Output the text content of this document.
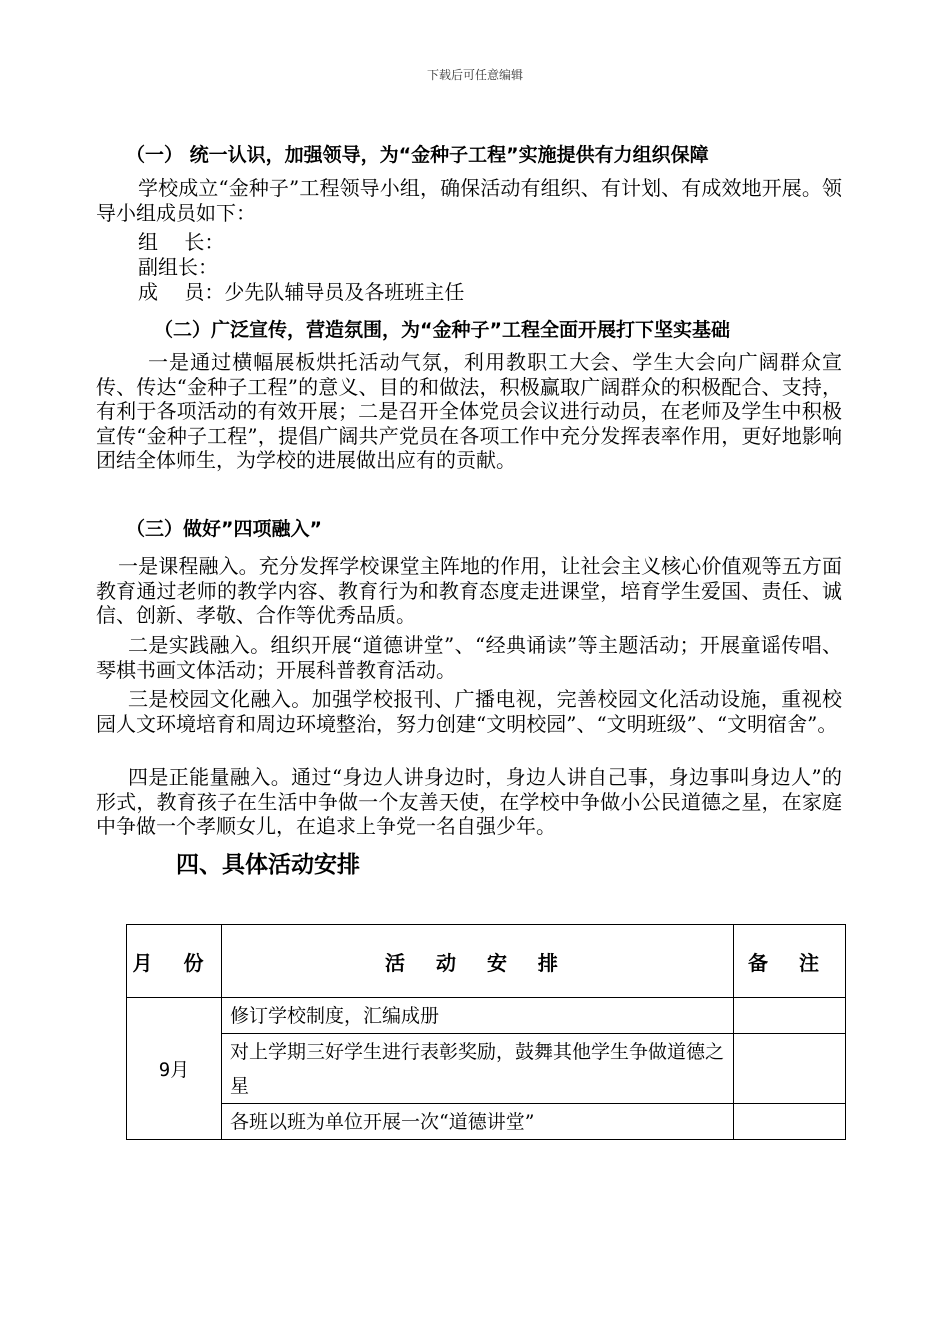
下载后可任意编辑
（一） 统一认识，加强领导，为“金种子工程”实施提供有力组织保障
学校成立“金种子”工程领导小组，确保活动有组织、有计划、有成效地开展。领导小组成员如下：
组　 长：
副组长：
成　 员：少先队辅导员及各班班主任
（二）广泛宣传，营造氛围，为“金种子”工程全面开展打下坚实基础
一是通过横幅展板烘托活动气氛，利用教职工大会、学生大会向广阔群众宣传、传达“金种子工程”的意义、目的和做法，积极赢取广阔群众的积极配合、支持，有利于各项活动的有效开展；二是召开全体党员会议进行动员，在老师及学生中积极宣传“金种子工程”，提倡广阔共产党员在各项工作中充分发挥表率作用，更好地影响团结全体师生，为学校的进展做出应有的贡献。
（三）做好”四项融入”
一是课程融入。充分发挥学校课堂主阵地的作用，让社会主义核心价值观等五方面教育通过老师的教学内容、教育行为和教育态度走进课堂，培育学生爱国、责任、诚信、创新、孝敬、合作等优秀品质。
二是实践融入。组织开展“道德讲堂”、“经典诵读”等主题活动；开展童谣传唱、琴棋书画文体活动；开展科普教育活动。
三是校园文化融入。加强学校报刊、广播电视，完善校园文化活动设施，重视校园人文环境培育和周边环境整治，努力创建“文明校园”、“文明班级”、“文明宿舍”。
四是正能量融入。通过“身边人讲身边时，身边人讲自己事，身边事叫身边人”的形式，教育孩子在生活中争做一个友善天使，在学校中争做小公民道德之星，在家庭中争做一个孝顺女儿，在追求上争党一名自强少年。
四、具体活动安排
月 份	活 动 安 排	备 注
9月	修订学校制度，汇编成册	
	对上学期三好学生进行表彰奖励，鼓舞其他学生争做道德之星	
	各班以班为单位开展一次“道德讲堂”	
